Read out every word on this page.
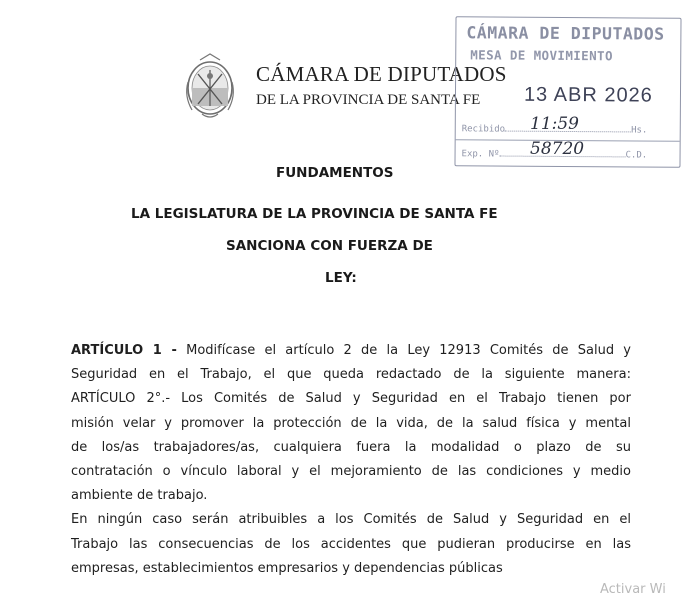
CÁMARA DE DIPUTADOS
DE LA PROVINCIA DE SANTA FE
CÁMARA DE DIPUTADOS
MESA DE MOVIMIENTO
13 ABR 2026
Recibido	Hs.
Exp. Nº	C.D.
11:59
58720
FUNDAMENTOS
LA LEGISLATURA DE LA PROVINCIA DE SANTA FE
SANCIONA CON FUERZA DE
LEY:
ARTÍCULO 1 - Modifícase el artículo 2 de la Ley 12913 Comités de Salud y
Seguridad en el Trabajo, el que queda redactado de la siguiente manera:
ARTÍCULO 2°.- Los Comités de Salud y Seguridad en el Trabajo tienen por
misión velar y promover la protección de la vida, de la salud física y mental
de los/as trabajadores/as, cualquiera fuera la modalidad o plazo de su
contratación o vínculo laboral y el mejoramiento de las condiciones y medio
ambiente de trabajo.
En ningún caso serán atribuibles a los Comités de Salud y Seguridad en el
Trabajo las consecuencias de los accidentes que pudieran producirse en las
empresas, establecimientos empresarios y dependencias públicas
Activar Wi
